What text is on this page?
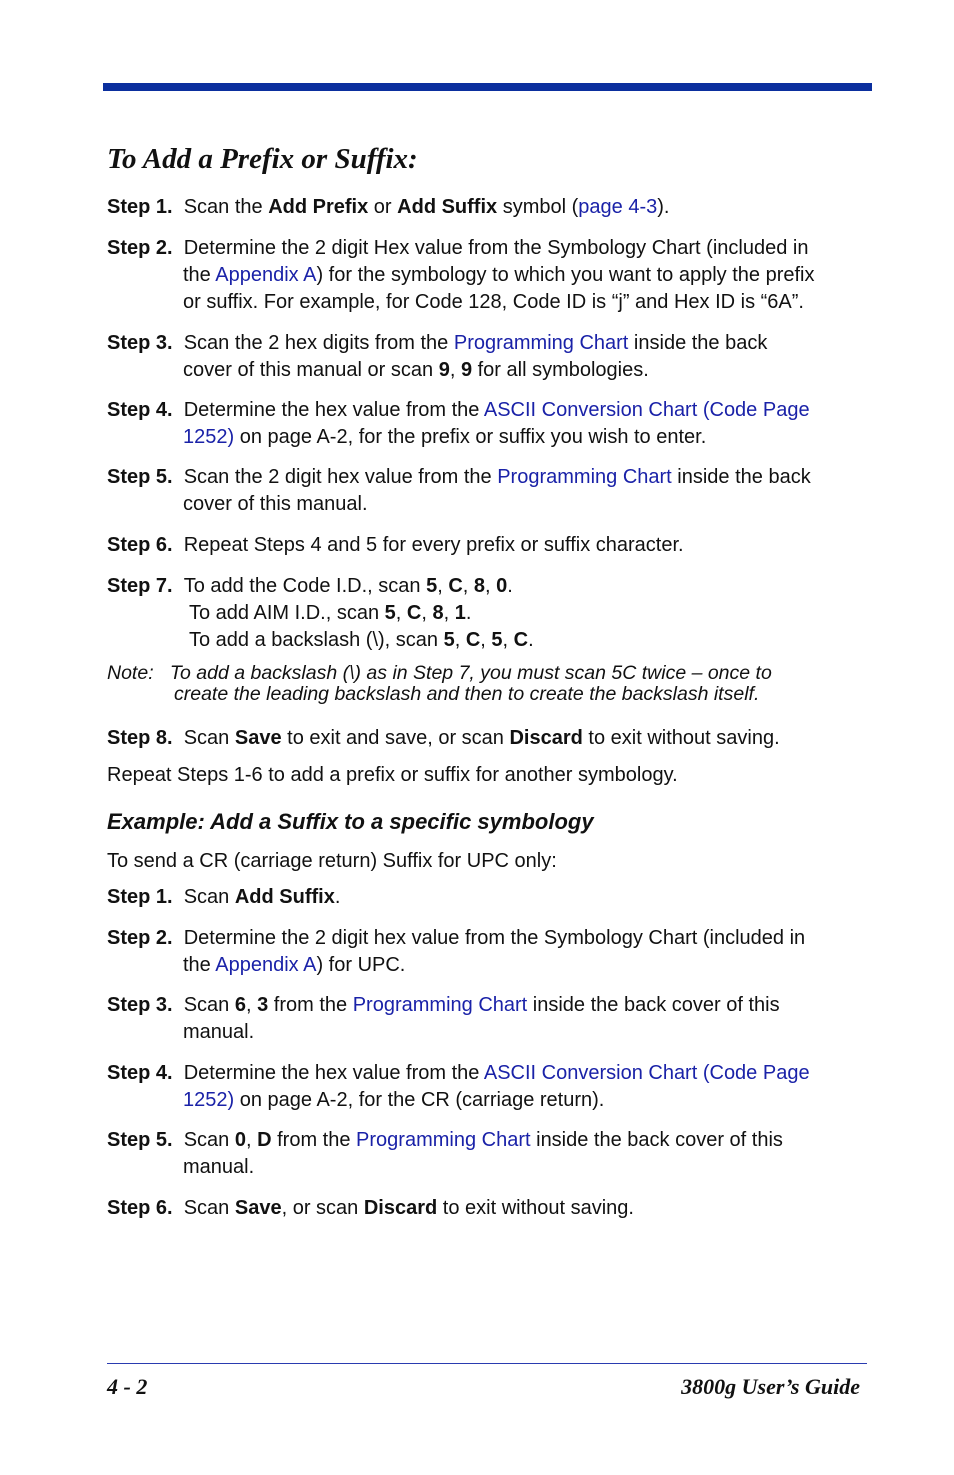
To Add a Prefix or Suffix:
Step 1. Scan the Add Prefix or Add Suffix symbol (page 4-3).
Step 2. Determine the 2 digit Hex value from the Symbology Chart (included in
the Appendix A) for the symbology to which you want to apply the prefix
or suffix. For example, for Code 128, Code ID is “j” and Hex ID is “6A”.
Step 3. Scan the 2 hex digits from the Programming Chart inside the back
cover of this manual or scan 9, 9 for all symbologies.
Step 4. Determine the hex value from the ASCII Conversion Chart (Code Page
1252) on page A-2, for the prefix or suffix you wish to enter.
Step 5. Scan the 2 digit hex value from the Programming Chart inside the back
cover of this manual.
Step 6. Repeat Steps 4 and 5 for every prefix or suffix character.
Step 7. To add the Code I.D., scan 5, C, 8, 0.
To add AIM I.D., scan 5, C, 8, 1.
To add a backslash (\), scan 5, C, 5, C.
Note: To add a backslash (\) as in Step 7, you must scan 5C twice – once to
create the leading backslash and then to create the backslash itself.
Step 8. Scan Save to exit and save, or scan Discard to exit without saving.
Repeat Steps 1-6 to add a prefix or suffix for another symbology.
Example: Add a Suffix to a specific symbology
To send a CR (carriage return) Suffix for UPC only:
Step 1. Scan Add Suffix.
Step 2. Determine the 2 digit hex value from the Symbology Chart (included in
the Appendix A) for UPC.
Step 3. Scan 6, 3 from the Programming Chart inside the back cover of this
manual.
Step 4. Determine the hex value from the ASCII Conversion Chart (Code Page
1252) on page A-2, for the CR (carriage return).
Step 5. Scan 0, D from the Programming Chart inside the back cover of this
manual.
Step 6. Scan Save, or scan Discard to exit without saving.
4 - 2	3800g User’s Guide
